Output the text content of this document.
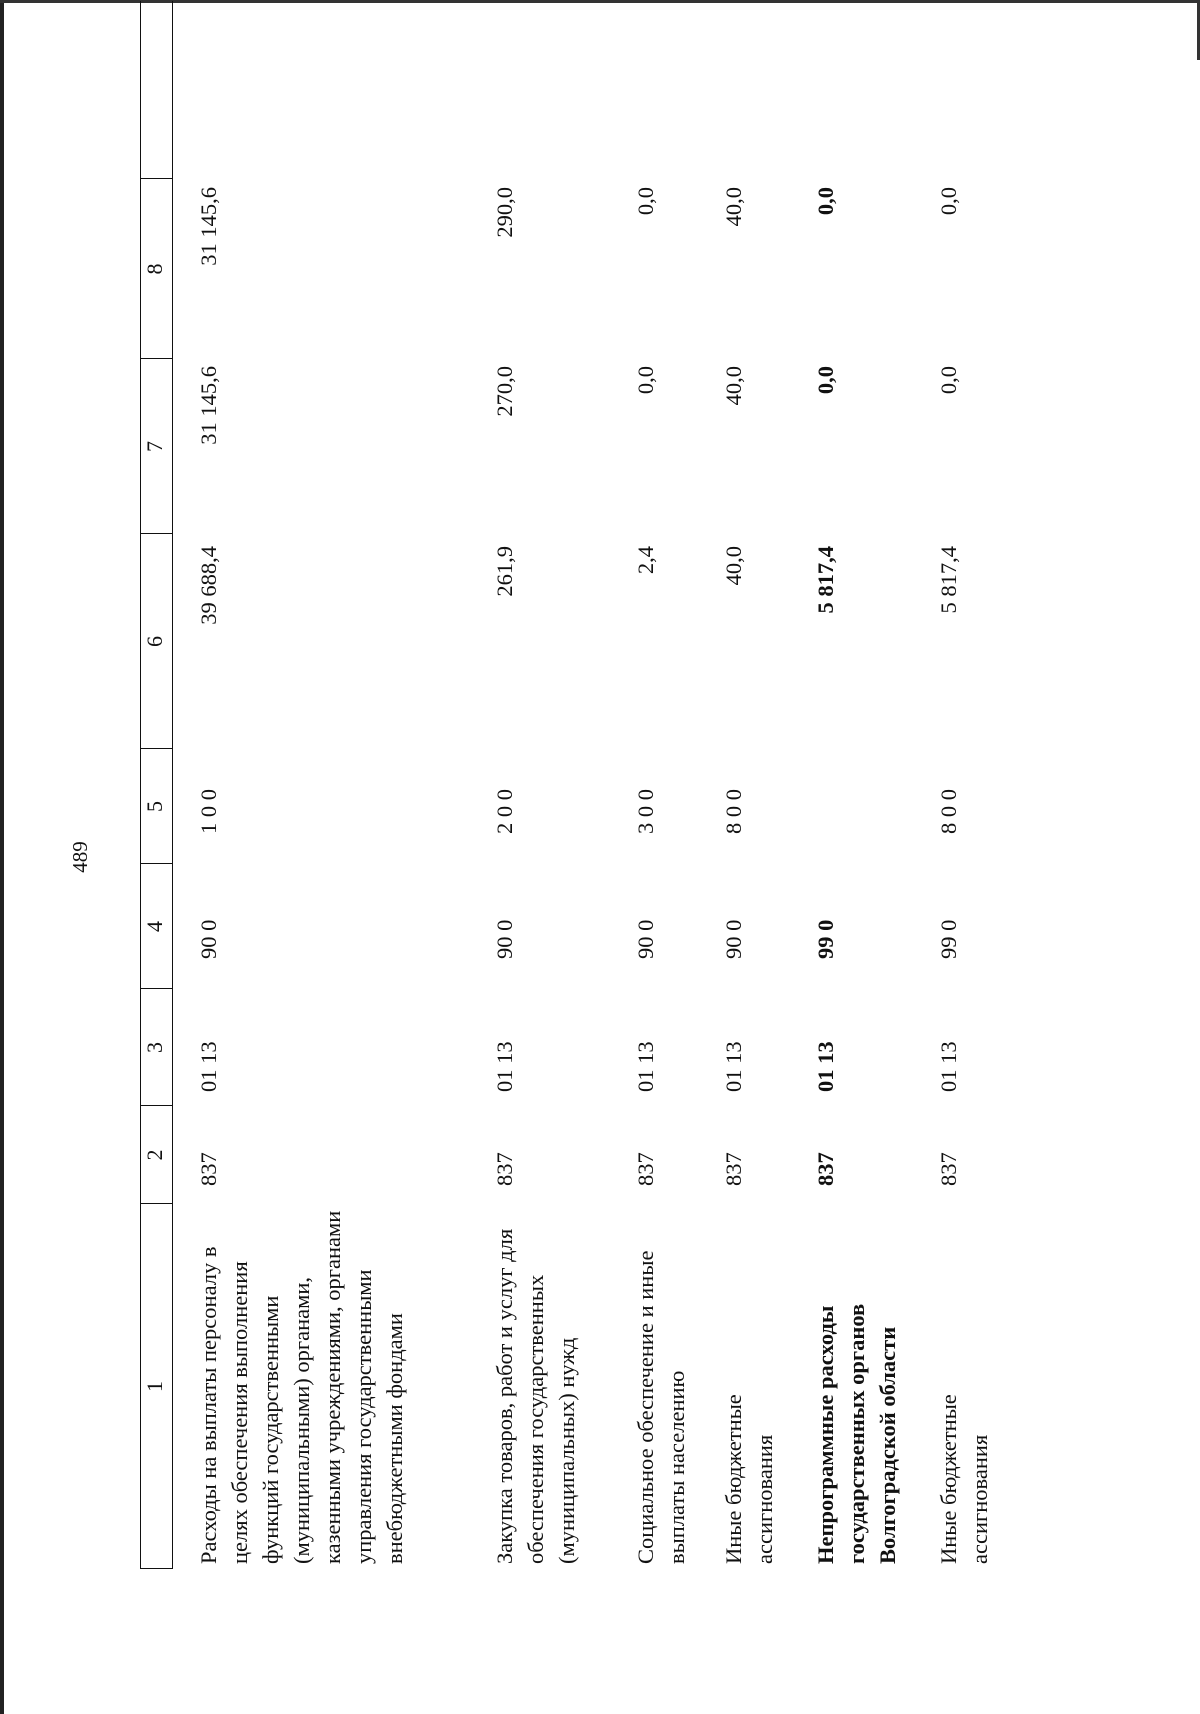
489
1
2
3
4
5
6
7
8
Расходы на выплаты персоналу в целях обеспечения выполнения функций государственными (муниципальными) органами, казенными учреждениями, органами управления государственными внебюджетными фондами
837
01 13
90 0
1 0 0
39 688,4
31 145,6
31 145,6
Закупка товаров, работ и услуг для обеспечения государственных (муниципальных) нужд
837
01 13
90 0
2 0 0
261,9
270,0
290,0
Социальное обеспечение и иные выплаты населению
837
01 13
90 0
3 0 0
2,4
0,0
0,0
Иные бюджетные ассигнования
837
01 13
90 0
8 0 0
40,0
40,0
40,0
Непрограммные расходы государственных органов Волгоградской области
837
01 13
99 0
5 817,4
0,0
0,0
Иные бюджетные ассигнования
837
01 13
99 0
8 0 0
5 817,4
0,0
0,0
